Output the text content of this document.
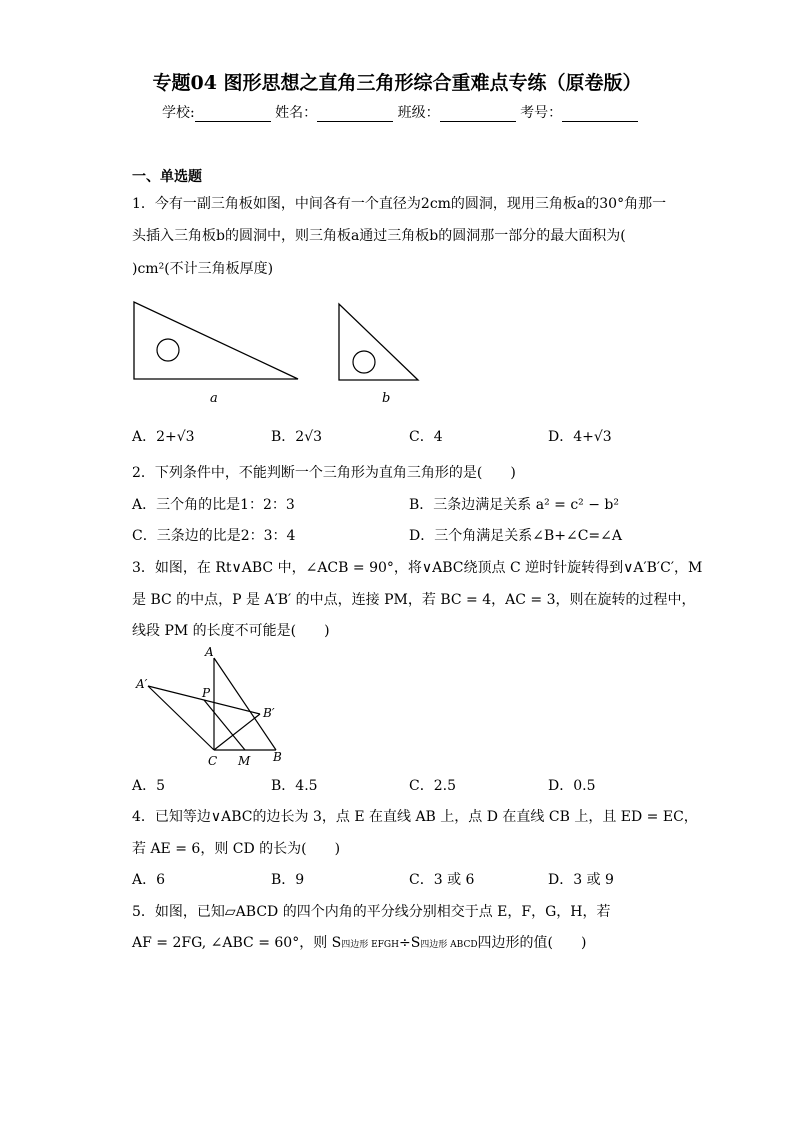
专题04 图形思想之直角三角形综合重难点专练（原卷版）
学校:	姓名：	班级：	考号：
一、单选题
1．今有一副三角板如图，中间各有一个直径为2cm的圆洞，现用三角板a的30°角那一
头插入三角板b的圆洞中，则三角板a通过三角板b的圆洞那一部分的最大面积为(
)cm²(不计三角板厚度)
a	b
A．2+√3	B．2√3	C．4	D．4+√3
2．下列条件中，不能判断一个三角形为直角三角形的是(　　)
A．三个角的比是1：2：3	B．三条边满足关系 a² = c² − b²
C．三条边的比是2：3：4	D．三个角满足关系∠B+∠C=∠A
3．如图，在 Rt∨ABC 中，∠ACB = 90°，将∨ABC绕顶点 C 逆时针旋转得到∨A′B′C′，M
是 BC 的中点，P 是 A′B′ 的中点，连接 PM，若 BC = 4，AC = 3，则在旋转的过程中，
线段 PM 的长度不可能是(　　)
A
A′
P
B′
C M B
A．5	B．4.5	C．2.5	D．0.5
4．已知等边∨ABC的边长为 3，点 E 在直线 AB 上，点 D 在直线 CB 上，且 ED = EC，
若 AE = 6，则 CD 的长为(　　)
A．6	B．9	C．3 或 6	D．3 或 9
5．如图，已知▱ABCD 的四个内角的平分线分别相交于点 E，F，G，H，若
AF = 2FG, ∠ABC = 60°，则 S四边形 EFGH÷S四边形 ABCD四边形的值(　　)
